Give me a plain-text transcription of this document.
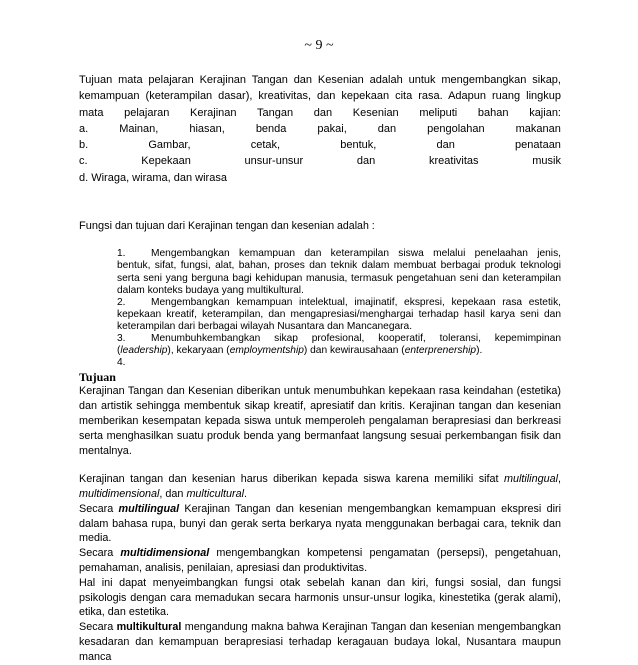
~ 9 ~
Tujuan mata pelajaran Kerajinan Tangan dan Kesenian adalah untuk mengembangkan sikap,
kemampuan (keterampilan dasar), kreativitas, dan kepekaan cita rasa. Adapun ruang lingkup
mata pelajaran Kerajinan Tangan dan Kesenian meliputi bahan kajian:
a.	Mainan,	hiasan,	benda	pakai,	dan	pengolahan	makanan
b.	Gambar,	cetak,	bentuk,	dan	penataan
c.	Kepekaan	unsur-unsur	dan	kreativitas	musik
d. Wiraga, wirama, dan wirasa
Fungsi dan tujuan dari Kerajinan tengan dan kesenian adalah :
1.	Mengembangkan kemampuan dan keterampilan siswa melalui penelaahan jenis,
bentuk, sifat, fungsi, alat, bahan, proses dan teknik dalam membuat berbagai produk teknologi serta seni yang berguna bagi kehidupan manusia, termasuk pengetahuan seni dan keterampilan dalam konteks budaya yang multikultural.
2.	Mengembangkan kemampuan intelektual, imajinatif, ekspresi, kepekaan rasa estetik,
kepekaan kreatif, keterampilan, dan mengapresiasi/menghargai terhadap hasil karya seni dan keterampilan dari berbagai wilayah Nusantara dan Mancanegara.
3.	Menumbuhkembangkan sikap profesional, kooperatif, toleransi, kepemimpinan
(leadership), kekaryaan (employmentship) dan kewirausahaan (enterprenership).
4.
Tujuan
Kerajinan Tangan dan Kesenian diberikan untuk menumbuhkan kepekaan rasa keindahan (estetika) dan artistik sehingga membentuk sikap kreatif, apresiatif dan kritis. Kerajinan tangan dan kesenian memberikan kesempatan kepada siswa untuk memperoleh pengalaman berapresiasi dan berkreasi serta menghasilkan suatu produk benda yang bermanfaat langsung sesuai perkembangan fisik dan mentalnya.
Kerajinan tangan dan kesenian harus diberikan kepada siswa karena memiliki sifat multilingual, multidimensional, dan multicultural.
Secara multilingual Kerajinan Tangan dan kesenian mengembangkan kemampuan ekspresi diri dalam bahasa rupa, bunyi dan gerak serta berkarya nyata menggunakan berbagai cara, teknik dan media.
Secara multidimensional mengembangkan kompetensi pengamatan (persepsi), pengetahuan, pemahaman, analisis, penilaian, apresiasi dan produktivitas.
Hal ini dapat menyeimbangkan fungsi otak sebelah kanan dan kiri, fungsi sosial, dan fungsi psikologis dengan cara memadukan secara harmonis unsur-unsur logika, kinestetika (gerak alami), etika, dan estetika.
Secara multikultural mengandung makna bahwa Kerajinan Tangan dan kesenian mengembangkan kesadaran dan kemampuan berapresiasi terhadap keragauan budaya lokal, Nusantara maupun manca
